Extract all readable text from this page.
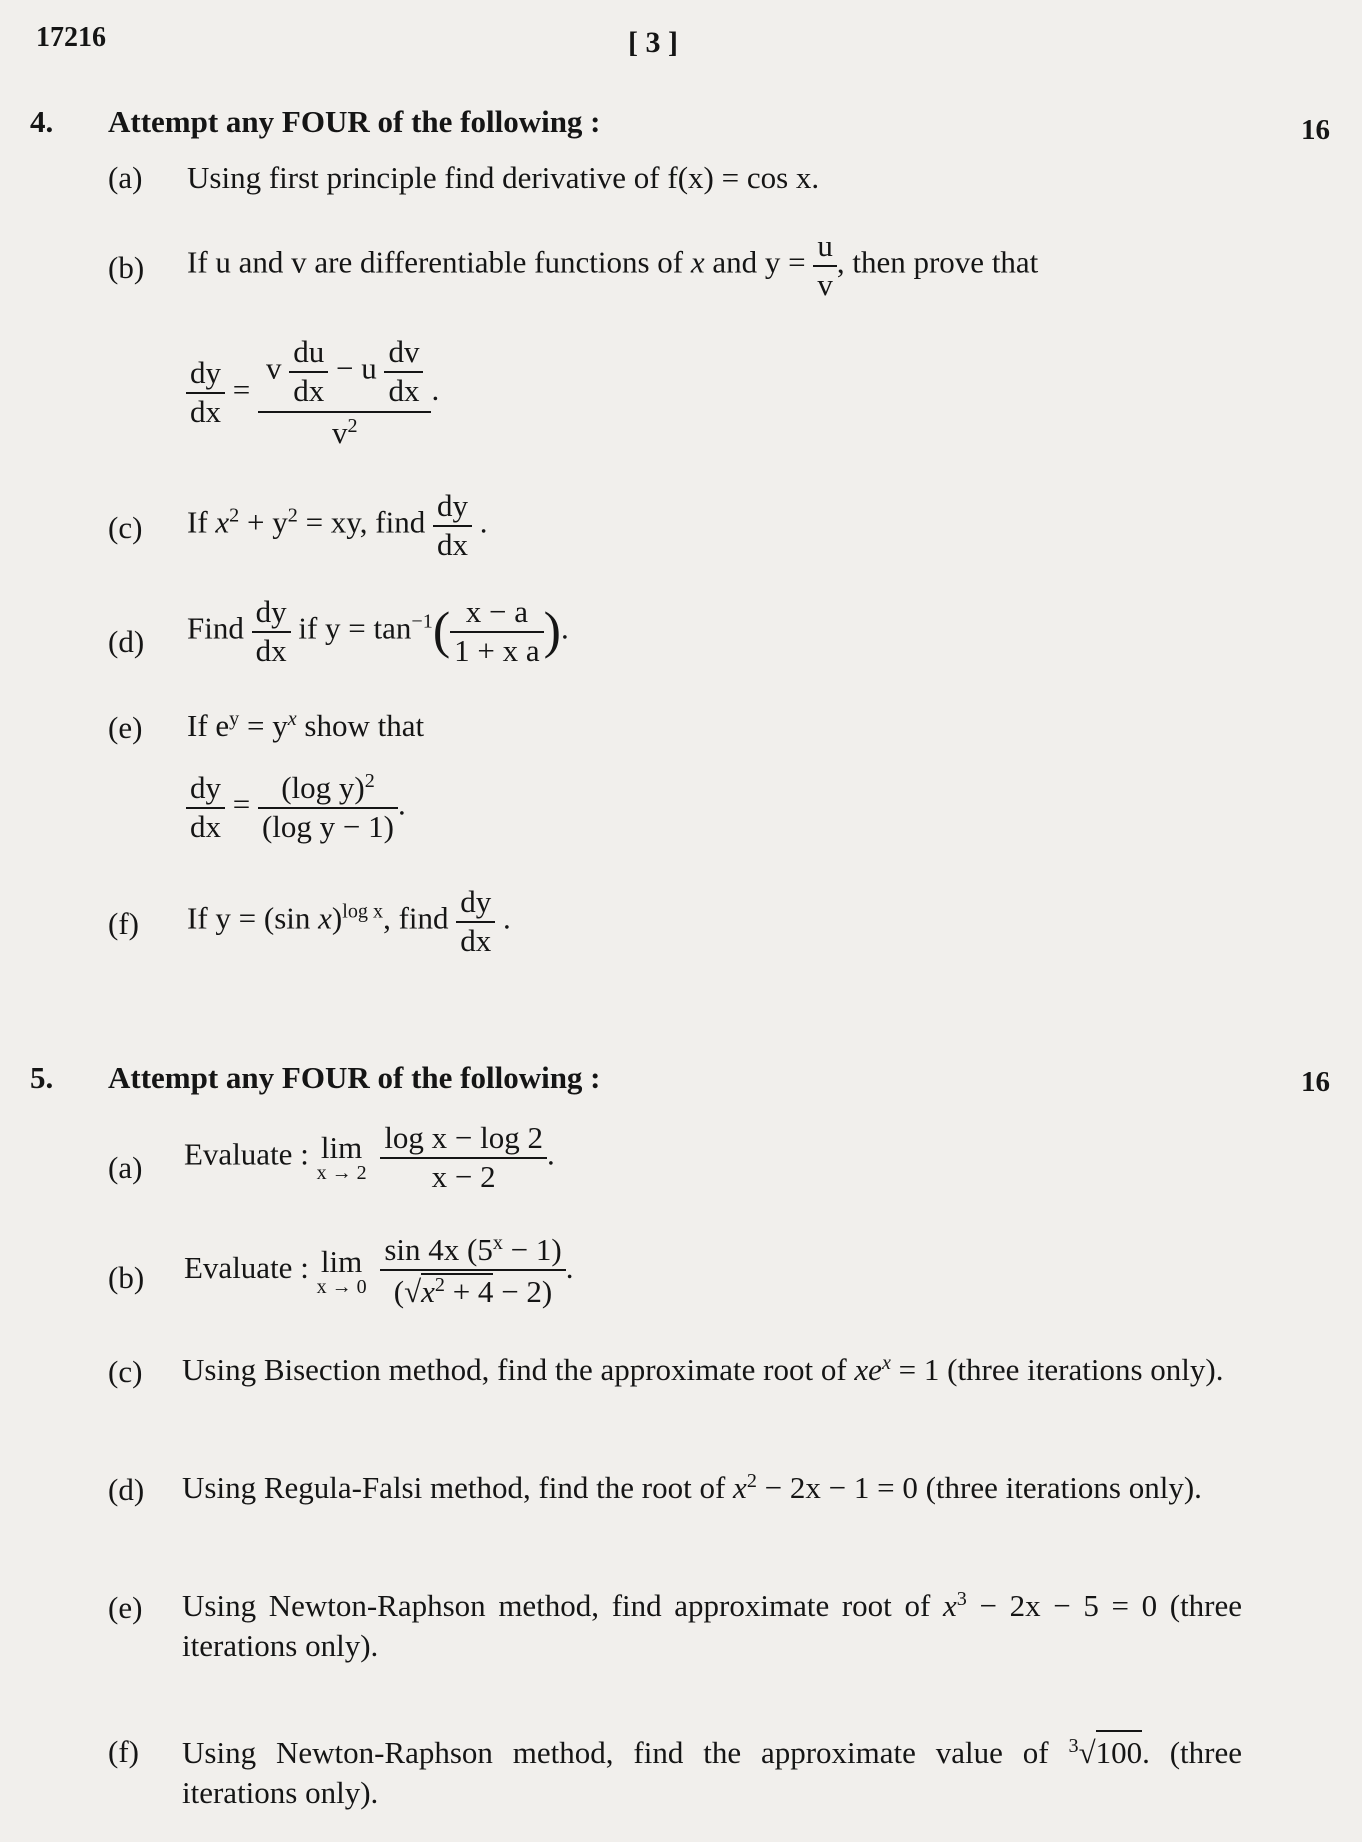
17216	[ 3 ]
4. Attempt any FOUR of the following :	16
(a) Using first principle find derivative of f(x) = cos x.
(b) If u and v are differentiable functions of x and $y = \frac{u}{v}$ , then prove that
$\frac{dy}{dx} = \frac{v \frac{du}{dx} - u \frac{dv}{dx}}{v^2}$ .
(c) If $x^2 + y^2$ = xy, find $\frac{dy}{dx}$ .
(d) Find $\frac{dy}{dx}$ if $y = \tan^{-1}( \frac{x - a}{\text{1 + x a}}$ ).
(e) If $e^y = y^x$ show that
$\frac{dy}{dx} = \frac{(\log y)^2}{\text{(log y − 1)}}$ .
(f) If y = (sin x)$^{log x}$, find $\frac{dy}{dx}$ .
5. Attempt any FOUR of the following :	16
(a) Evaluate : lim
x → 2
$\frac{\text{log x − log 2}}{x - 2}$ .
(b) Evaluate : lim
x → 0
$\frac{\sin 4x (5^x - 1)}{(√x^2 + 4 - 2)}$ .
(c) Using Bisection method, find the approximate root of $xe^x = 1$ (three iterations only).
(d) Using Regula-Falsi method, find the root of $x^2 - 2x - 1 = 0$ (three iterations only).
(e) Using Newton-Raphson method, find approximate root of $x^3 - 2x - 5 = 0$ (three iterations only).
(f) Using Newton-Raphson method, find the approximate value of $^3$√100. (three iterations only).
